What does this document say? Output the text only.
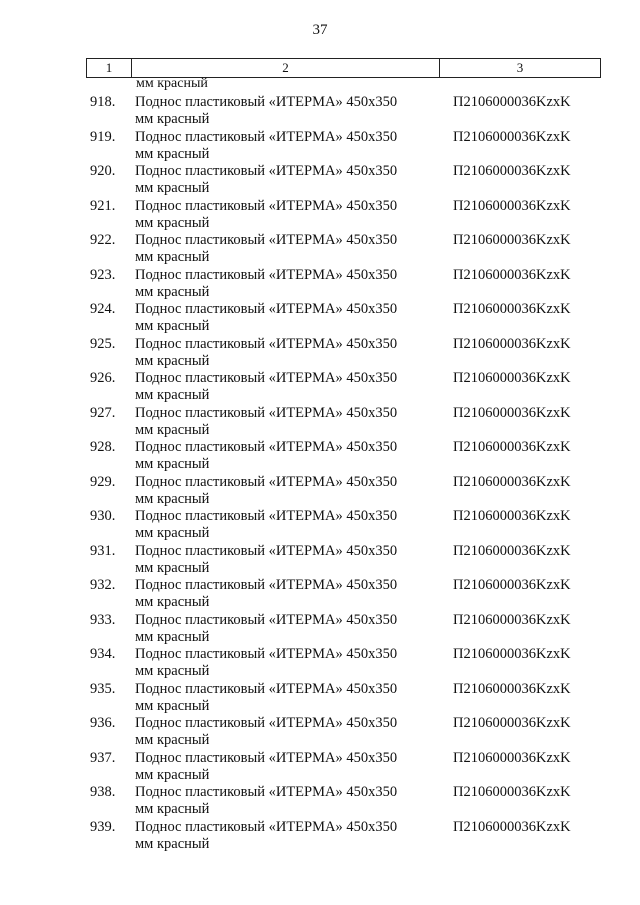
37
1	2	3
мм красный
918. Поднос пластиковый «ИТЕРМА» 450х350
мм красный
П2106000036KzxK
919. Поднос пластиковый «ИТЕРМА» 450х350
мм красный
П2106000036KzxK
920. Поднос пластиковый «ИТЕРМА» 450х350
мм красный
П2106000036KzxK
921. Поднос пластиковый «ИТЕРМА» 450х350
мм красный
П2106000036KzxK
922. Поднос пластиковый «ИТЕРМА» 450х350
мм красный
П2106000036KzxK
923. Поднос пластиковый «ИТЕРМА» 450х350
мм красный
П2106000036KzxK
924. Поднос пластиковый «ИТЕРМА» 450х350
мм красный
П2106000036KzxK
925. Поднос пластиковый «ИТЕРМА» 450х350
мм красный
П2106000036KzxK
926. Поднос пластиковый «ИТЕРМА» 450х350
мм красный
П2106000036KzxK
927. Поднос пластиковый «ИТЕРМА» 450х350
мм красный
П2106000036KzxK
928. Поднос пластиковый «ИТЕРМА» 450х350
мм красный
П2106000036KzxK
929. Поднос пластиковый «ИТЕРМА» 450х350
мм красный
П2106000036KzxK
930. Поднос пластиковый «ИТЕРМА» 450х350
мм красный
П2106000036KzxK
931. Поднос пластиковый «ИТЕРМА» 450х350
мм красный
П2106000036KzxK
932. Поднос пластиковый «ИТЕРМА» 450х350
мм красный
П2106000036KzxK
933. Поднос пластиковый «ИТЕРМА» 450х350
мм красный
П2106000036KzxK
934. Поднос пластиковый «ИТЕРМА» 450х350
мм красный
П2106000036KzxK
935. Поднос пластиковый «ИТЕРМА» 450х350
мм красный
П2106000036KzxK
936. Поднос пластиковый «ИТЕРМА» 450х350
мм красный
П2106000036KzxK
937. Поднос пластиковый «ИТЕРМА» 450х350
мм красный
П2106000036KzxK
938. Поднос пластиковый «ИТЕРМА» 450х350
мм красный
П2106000036KzxK
939. Поднос пластиковый «ИТЕРМА» 450х350
мм красный
П2106000036KzxK
